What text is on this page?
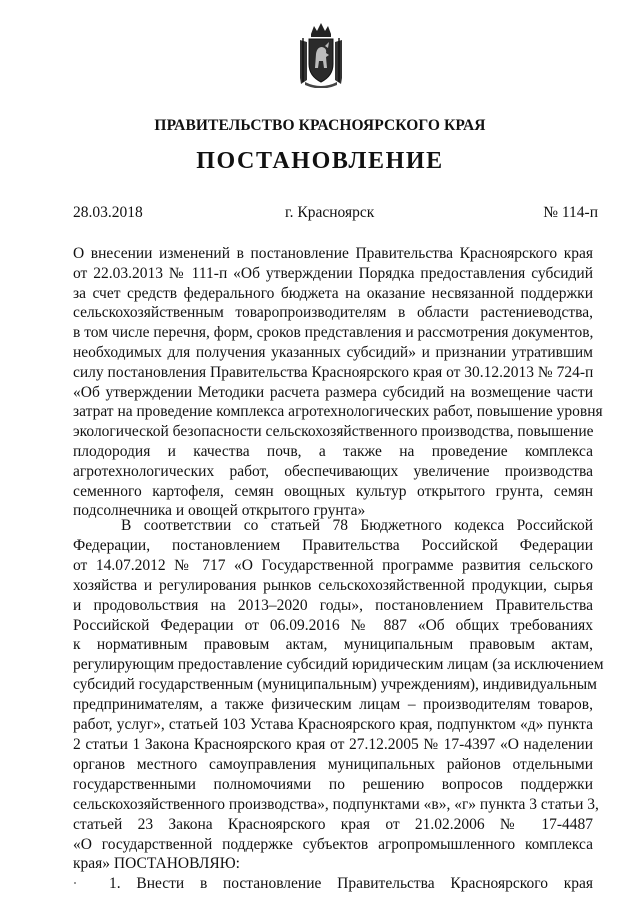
ПРАВИТЕЛЬСТВО КРАСНОЯРСКОГО КРАЯ
ПОСТАНОВЛЕНИЕ
28.03.2018	г. Красноярск	№ 114-п
О внесении изменений в постановление Правительства Красноярского края
от 22.03.2013 № 111-п «Об утверждении Порядка предоставления субсидий
за счет средств федерального бюджета на оказание несвязанной поддержки
сельскохозяйственным товаропроизводителям в области растениеводства,
в том числе перечня, форм, сроков представления и рассмотрения документов,
необходимых для получения указанных субсидий» и признании утратившим
силу постановления Правительства Красноярского края от 30.12.2013 № 724-п
«Об утверждении Методики расчета размера субсидий на возмещение части
затрат на проведение комплекса агротехнологических работ, повышение уровня
экологической безопасности сельскохозяйственного производства, повышение
плодородия и качества почв, а также на проведение комплекса
агротехнологических работ, обеспечивающих увеличение производства
семенного картофеля, семян овощных культур открытого грунта, семян
подсолнечника и овощей открытого грунта»
В соответствии со статьей 78 Бюджетного кодекса Российской
Федерации, постановлением Правительства Российской Федерации
от 14.07.2012 № 717 «О Государственной программе развития сельского
хозяйства и регулирования рынков сельскохозяйственной продукции, сырья
и продовольствия на 2013–2020 годы», постановлением Правительства
Российской Федерации от 06.09.2016 № 887 «Об общих требованиях
к нормативным правовым актам, муниципальным правовым актам,
регулирующим предоставление субсидий юридическим лицам (за исключением
субсидий государственным (муниципальным) учреждениям), индивидуальным
предпринимателям, а также физическим лицам – производителям товаров,
работ, услуг», статьей 103 Устава Красноярского края, подпунктом «д» пункта
2 статьи 1 Закона Красноярского края от 27.12.2005 № 17-4397 «О наделении
органов местного самоуправления муниципальных районов отдельными
государственными полномочиями по решению вопросов поддержки
сельскохозяйственного производства», подпунктами «в», «г» пункта 3 статьи 3,
статьей 23 Закона Красноярского края от 21.02.2006 № 17-4487
«О государственной поддержке субъектов агропромышленного комплекса
края» ПОСТАНОВЛЯЮ:
1. Внести в постановление Правительства Красноярского края
